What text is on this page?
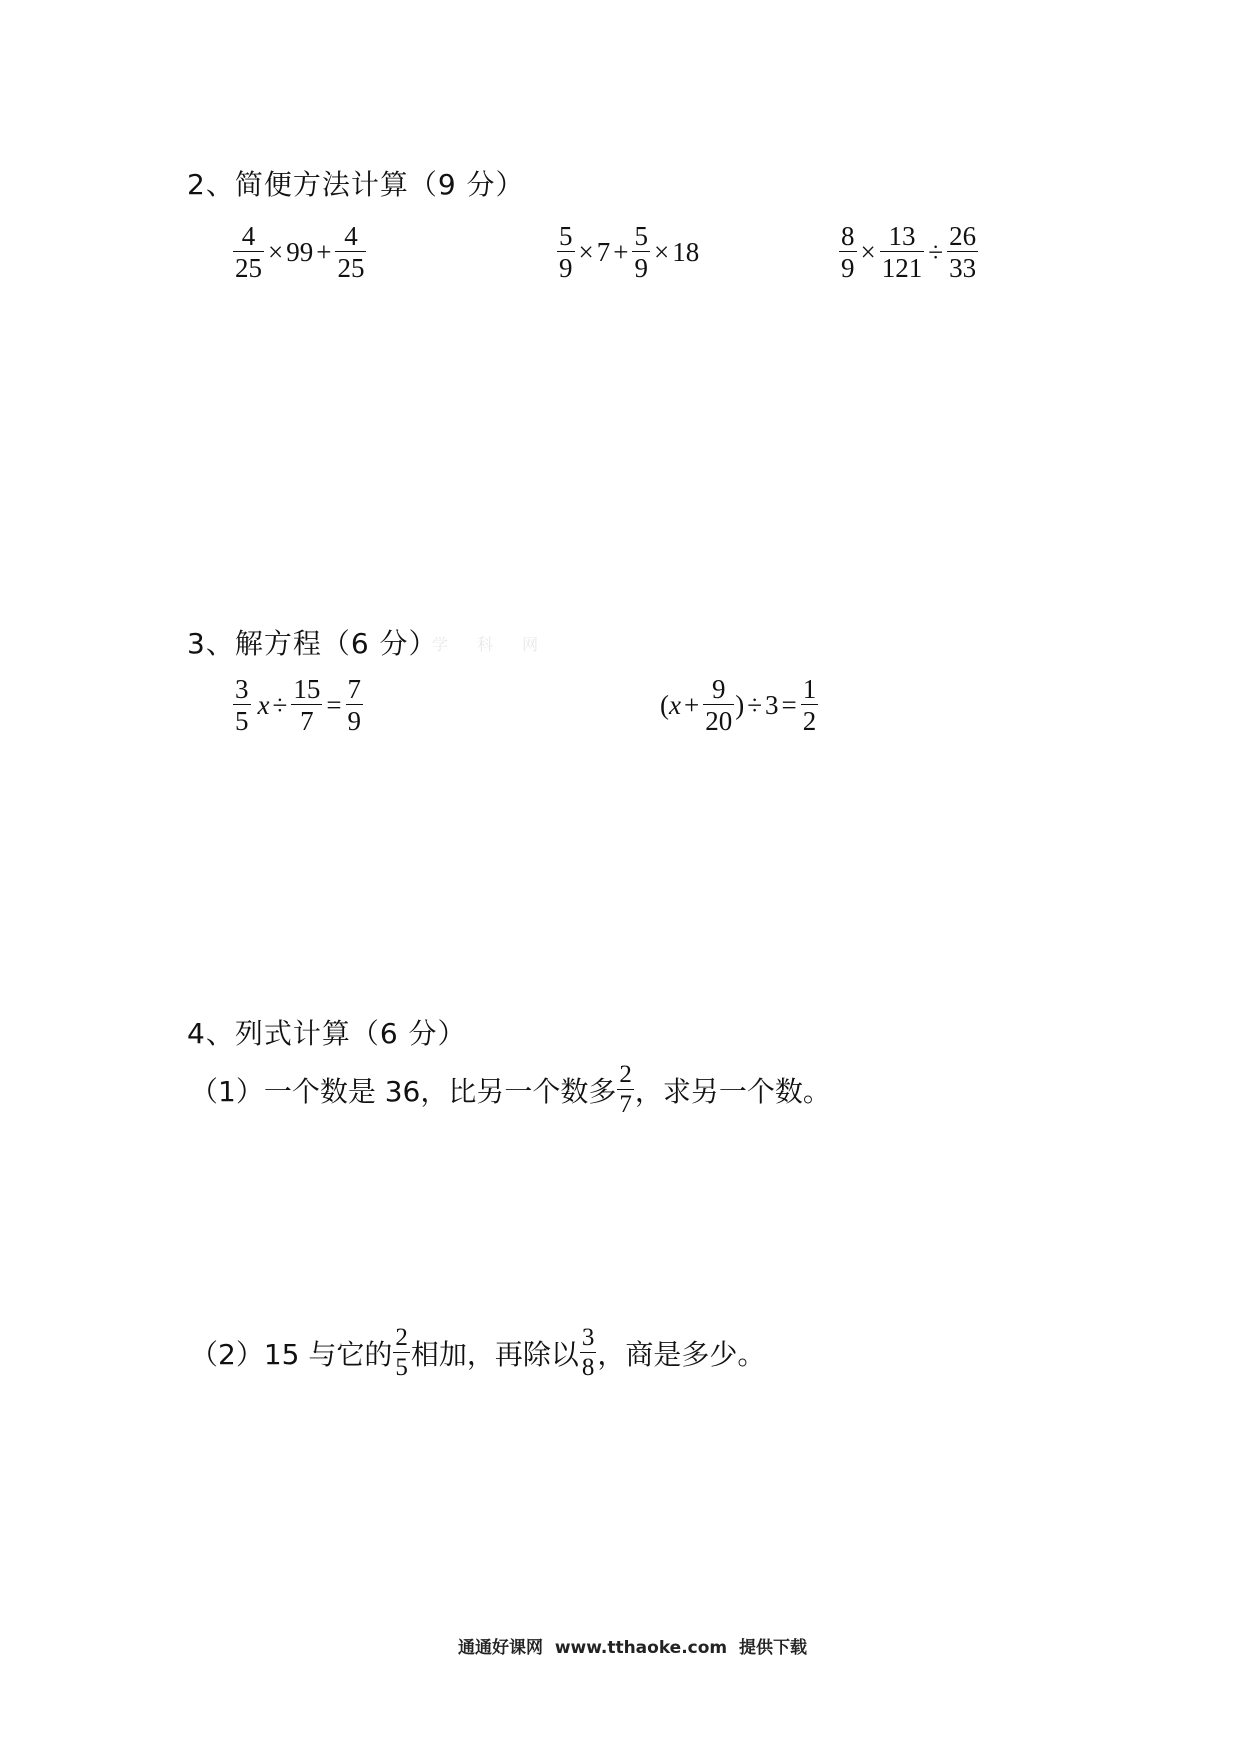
2、简便方法计算（9 分）
$\frac{4}{25} \times 99 + \frac{4}{25}$	$\frac{5}{9} \times 7 + \frac{5}{9} \times 18$	$\frac{8}{9} \times \frac{13}{121} \div \frac{26}{33}$
3、解方程（6 分）
学 科 网
$\frac{3}{5}$ $x \div \frac{15}{7} = \frac{7}{9}$	( $x + \frac{9}{20}$ ) ÷ $3 = \frac{1}{2}$
4、列式计算（6 分）
（1）一个数是 36，比另一个数多 $\frac{2}{7}$ ，求另一个数。
（2）15 与它的 $\frac{2}{5}$ 相加，再除以 $\frac{3}{8}$ ，商是多少。
通通好课网  www.tthaoke.com  提供下载
